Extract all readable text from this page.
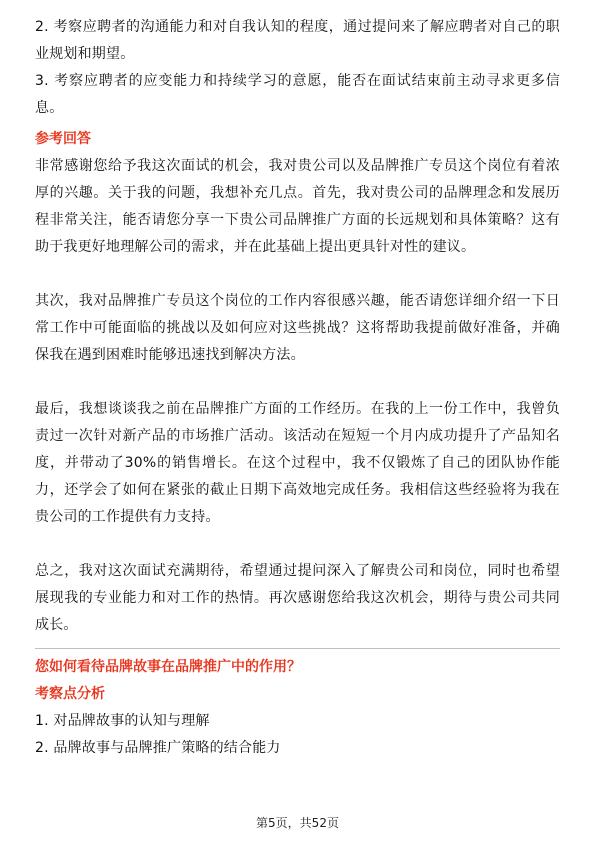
2. 考察应聘者的沟通能力和对自我认知的程度，通过提问来了解应聘者对自己的职业规划和期望。

3. 考察应聘者的应变能力和持续学习的意愿，能否在面试结束前主动寻求更多信息。

参考回答

非常感谢您给予我这次面试的机会，我对贵公司以及品牌推广专员这个岗位有着浓厚的兴趣。关于我的问题，我想补充几点。首先，我对贵公司的品牌理念和发展历程非常关注，能否请您分享一下贵公司品牌推广方面的长远规划和具体策略？这有助于我更好地理解公司的需求，并在此基础上提出更具针对性的建议。

其次，我对品牌推广专员这个岗位的工作内容很感兴趣，能否请您详细介绍一下日常工作中可能面临的挑战以及如何应对这些挑战？这将帮助我提前做好准备，并确保我在遇到困难时能够迅速找到解决方法。

最后，我想谈谈我之前在品牌推广方面的工作经历。在我的上一份工作中，我曾负责过一次针对新产品的市场推广活动。该活动在短短一个月内成功提升了产品知名度，并带动了30%的销售增长。在这个过程中，我不仅锻炼了自己的团队协作能力，还学会了如何在紧张的截止日期下高效地完成任务。我相信这些经验将为我在贵公司的工作提供有力支持。

总之，我对这次面试充满期待，希望通过提问深入了解贵公司和岗位，同时也希望展现我的专业能力和对工作的热情。再次感谢您给我这次机会，期待与贵公司共同成长。

您如何看待品牌故事在品牌推广中的作用？

考察点分析

1. 对品牌故事的认知与理解

2. 品牌故事与品牌推广策略的结合能力

第5页，共52页
